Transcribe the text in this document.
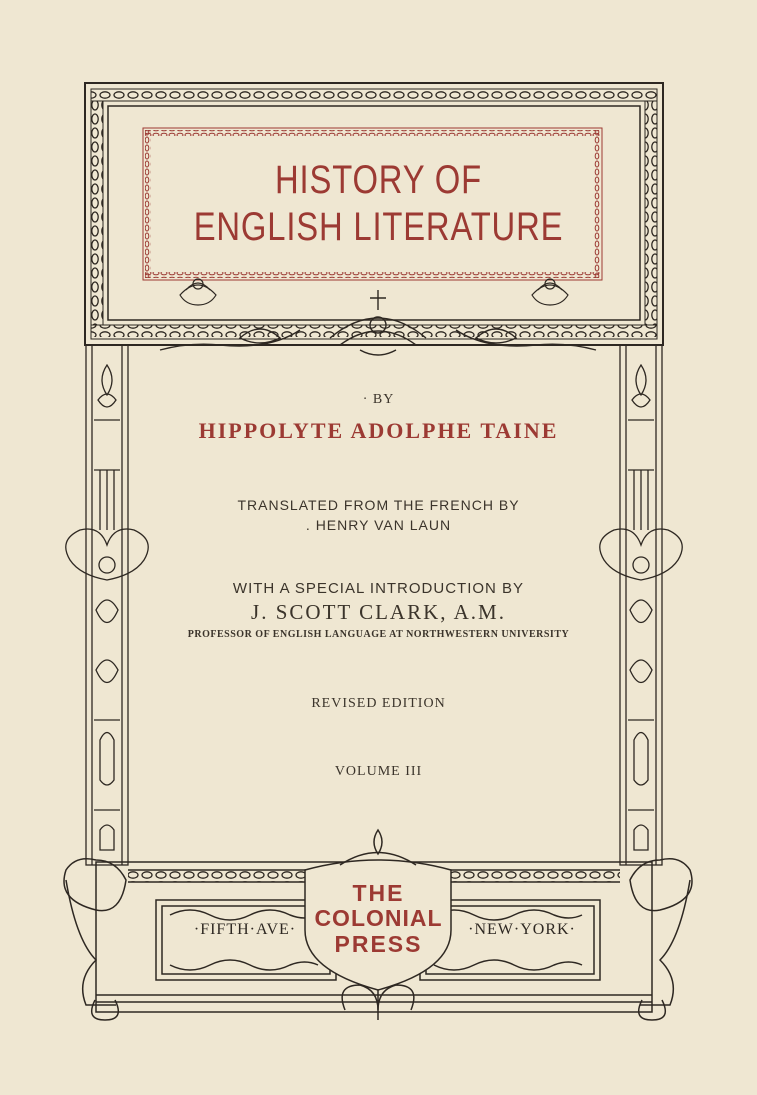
HISTORY OF
ENGLISH LITERATURE
· BY
HIPPOLYTE ADOLPHE TAINE
TRANSLATED FROM THE FRENCH BY
. HENRY VAN LAUN
WITH A SPECIAL INTRODUCTION BY
J. SCOTT CLARK, A.M.
PROFESSOR OF ENGLISH LANGUAGE AT NORTHWESTERN UNIVERSITY
REVISED EDITION
VOLUME III
THE
COLONIAL
PRESS
·FIFTH·AVE·	·NEW·YORK·
